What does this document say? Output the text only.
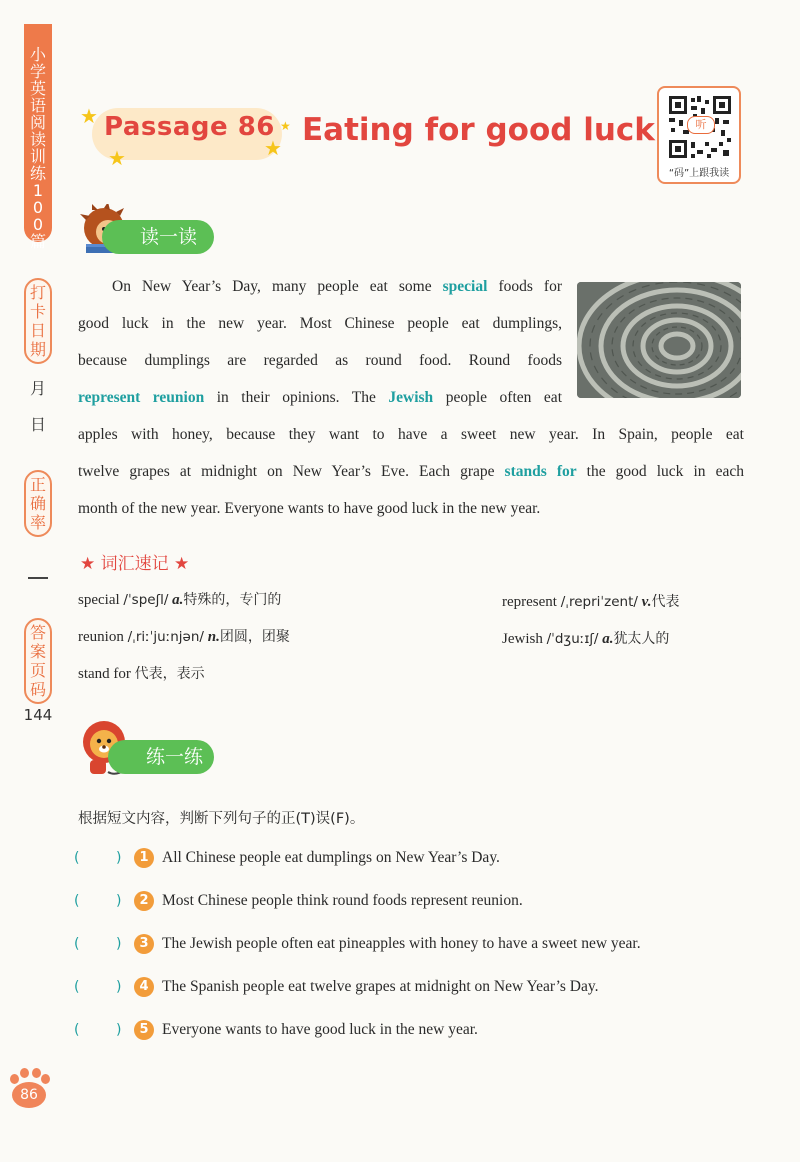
小
学
英
语
阅
读
训
练
1
0
0
篇
打
卡
日
期
月
日
正
确
率
答
案
页
码
144
86
★
★	★
★
Passage 86 Eating for good luck	听
“码”上跟我读
读一读
On New Year’s Day, many people eat some special foods for
good luck in the new year. Most Chinese people eat dumplings,
because dumplings are regarded as round food. Round foods
represent reunion in their opinions. The Jewish people often eat
apples with honey, because they want to have a sweet new year. In Spain, people eat
twelve grapes at midnight on New Year’s Eve. Each grape stands for the good luck in each
month of the new year. Everyone wants to have good luck in the new year.
★ 词汇速记 ★
special /ˈspeʃl/ a.特殊的，专门的	represent /ˌrepriˈzent/ v.代表
reunion /ˌriːˈjuːnjən/ n.团圆，团聚	Jewish /ˈdʒuːɪʃ/ a.犹太人的
stand for 代表，表示
练一练
根据短文内容，判断下列句子的正(T)误(F)。
(	)	1 All Chinese people eat dumplings on New Year’s Day.
(	)	2 Most Chinese people think round foods represent reunion.
(	)	3 The Jewish people often eat pineapples with honey to have a sweet new year.
(	)	4 The Spanish people eat twelve grapes at midnight on New Year’s Day.
(	)	5 Everyone wants to have good luck in the new year.
